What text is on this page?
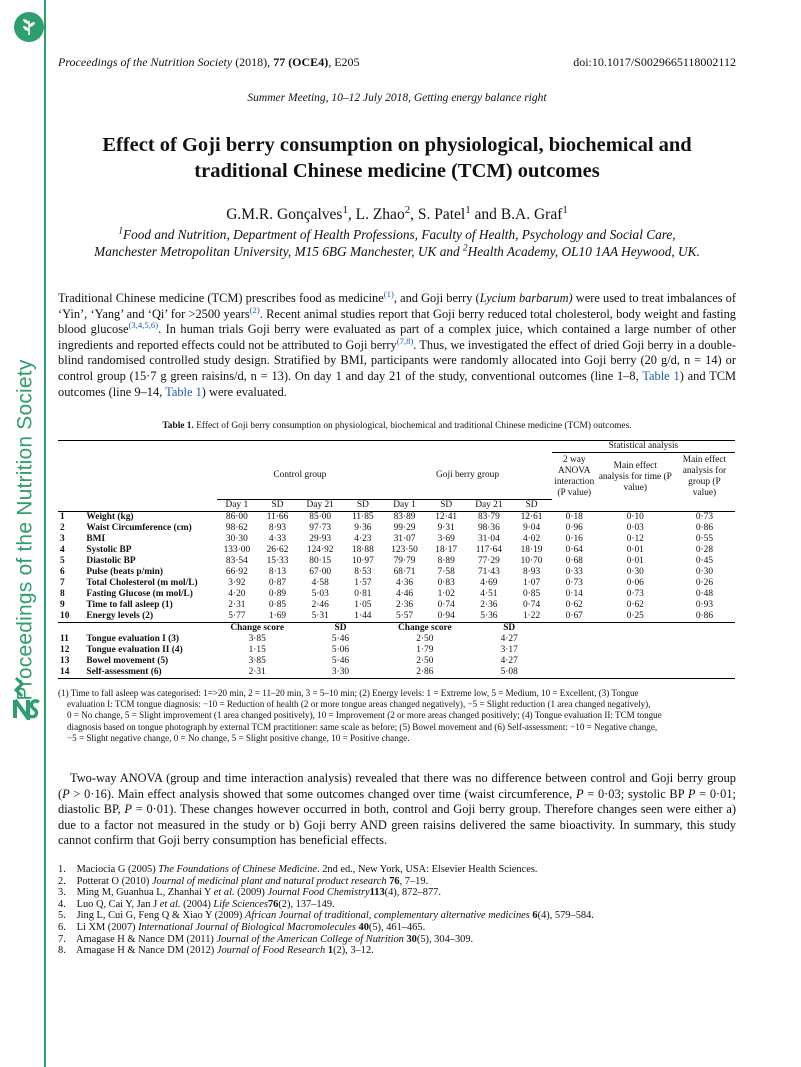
Proceedings of the Nutrition Society
Proceedings of the Nutrition Society (2018), 77 (OCE4), E205	doi:10.1017/S0029665118002112
Summer Meeting, 10–12 July 2018, Getting energy balance right
Effect of Goji berry consumption on physiological, biochemical and traditional Chinese medicine (TCM) outcomes
G.M.R. Gonçalves$^1$, L. Zhao$^2$, S. Patel$^1$ and B.A. Graf$^1$
$^1$Food and Nutrition, Department of Health Professions, Faculty of Health, Psychology and Social Care,
Manchester Metropolitan University, M15 6BG Manchester, UK and $^2$Health Academy, OL10 1AA Heywood, UK.
Traditional Chinese medicine (TCM) prescribes food as medicine$^{(1)}$, and Goji berry (Lycium barbarum) were used to treat imbalances of ‘Yin’, ‘Yang’ and ‘Qi’ for >2500 years$^{(2)}$. Recent animal studies report that Goji berry reduced total cholesterol, body weight and fasting blood glucose$^{(3,4,5,6)}$. In human trials Goji berry were evaluated as part of a complex juice, which contained a large number of other ingredients and reported effects could not be attributed to Goji berry$^{(7,8)}$. Thus, we investigated the effect of dried Goji berry in a double-blind randomised controlled study design. Stratified by BMI, participants were randomly allocated into Goji berry (20 g/d, n = 14) or control group (15·7 g green raisins/d, n = 13). On day 1 and day 21 of the study, conventional outcomes (line 1–8, Table 1) and TCM outcomes (line 9–14, Table 1) were evaluated.
Table 1. Effect of Goji berry consumption on physiological, biochemical and traditional Chinese medicine (TCM) outcomes.
										Statistical analysis		
		Control group				Goji berry group				2 way ANOVA interaction (P value)	Main effect analysis for time (P value)	Main effect analysis for group (P value)
		Day 1	SD	Day 21	SD	Day 1	SD	Day 21	SD			
1	Weight (kg)	86·00	11·66	85·00	11·85	83·89	12·41	83·79	12·61	0·18	0·10	0·73
2	Waist Circumference (cm)	98·62	8·93	97·73	9·36	99·29	9·31	98·36	9·04	0·96	0·03	0·86
3	BMI	30·30	4·33	29·93	4·23	31·07	3·69	31·04	4·02	0·16	0·12	0·55
4	Systolic BP	133·00	26·62	124·92	18·88	123·50	18·17	117·64	18·19	0·64	0·01	0·28
5	Diastolic BP	83·54	15·33	80·15	10·97	79·79	8·89	77·29	10·70	0·68	0·01	0·45
6	Pulse (beats p/min)	66·92	8·13	67·00	8·53	68·71	7·58	71·43	8·93	0·33	0·30	0·30
7	Total Cholesterol (m mol/L)	3·92	0·87	4·58	1·57	4·36	0·83	4·69	1·07	0·73	0·06	0·26
8	Fasting Glucose (m mol/L)	4·20	0·89	5·03	0·81	4·46	1·02	4·51	0·85	0·14	0·73	0·48
9	Time to fall asleep (1)	2·31	0·85	2·46	1·05	2·36	0·74	2·36	0·74	0·62	0·62	0·93
10	Energy levels (2)	5·77	1·69	5·31	1·44	5·57	0·94	5·36	1·22	0·67	0·25	0·86
		Change score		SD		Change score		SD				
11	Tongue evaluation I (3)	3·85		5·46		2·50		4·27				
12	Tongue evaluation II (4)	1·15		5·06		1·79		3·17				
13	Bowel movement (5)	3·85		5·46		2·50		4·27				
14	Self-assessment (6)	2·31		3·30		2·86		5·08				
(1) Time to fall asleep was categorised: 1=>20 min, 2 = 11–20 min, 3 = 5–10 min; (2) Energy levels: 1 = Extreme low, 5 = Medium, 10 = Excellent, (3) Tongue
evaluation I: TCM tongue diagnosis: −10 = Reduction of health (2 or more tongue areas changed negatively), −5 = Slight reduction (1 area changed negatively),
0 = No change, 5 = Slight improvement (1 area changed positively), 10 = Improvement (2 or more areas changed positively; (4) Tongue evaluation II: TCM tongue
diagnosis based on tongue photograph by external TCM practitioner: same scale as before; (5) Bowel movement and (6) Self-assessment: −10 = Negative change,
−5 = Slight negative change, 0 = No change, 5 = Slight positive change, 10 = Positive change.
Two-way ANOVA (group and time interaction analysis) revealed that there was no difference between control and Goji berry group (P > 0·16). Main effect analysis showed that some outcomes changed over time (waist circumference, P = 0·03; systolic BP P = 0·01; diastolic BP, P = 0·01). These changes however occurred in both, control and Goji berry group. Therefore changes seen were either a) due to a factor not measured in the study or b) Goji berry AND green raisins delivered the same bioactivity. In summary, this study cannot confirm that Goji berry consumption has beneficial effects.
1. Maciocia G (2005) The Foundations of Chinese Medicine. 2nd ed., New York, USA: Elsevier Health Sciences.
2. Potterat O (2010) Journal of medicinal plant and natural product research 76, 7–19.
3. Ming M, Guanhua L, Zhanhai Y et al. (2009) Journal Food Chemistry113(4), 872–877.
4. Luo Q, Cai Y, Jan J et al. (2004) Life Sciences76(2), 137–149.
5. Jing L, Cui G, Feng Q & Xiao Y (2009) African Journal of traditional, complementary alternative medicines 6(4), 579–584.
6. Li XM (2007) International Journal of Biological Macromolecules 40(5), 461–465.
7. Amagase H & Nance DM (2011) Journal of the American College of Nutrition 30(5), 304–309.
8. Amagase H & Nance DM (2012) Journal of Food Research 1(2), 3–12.
